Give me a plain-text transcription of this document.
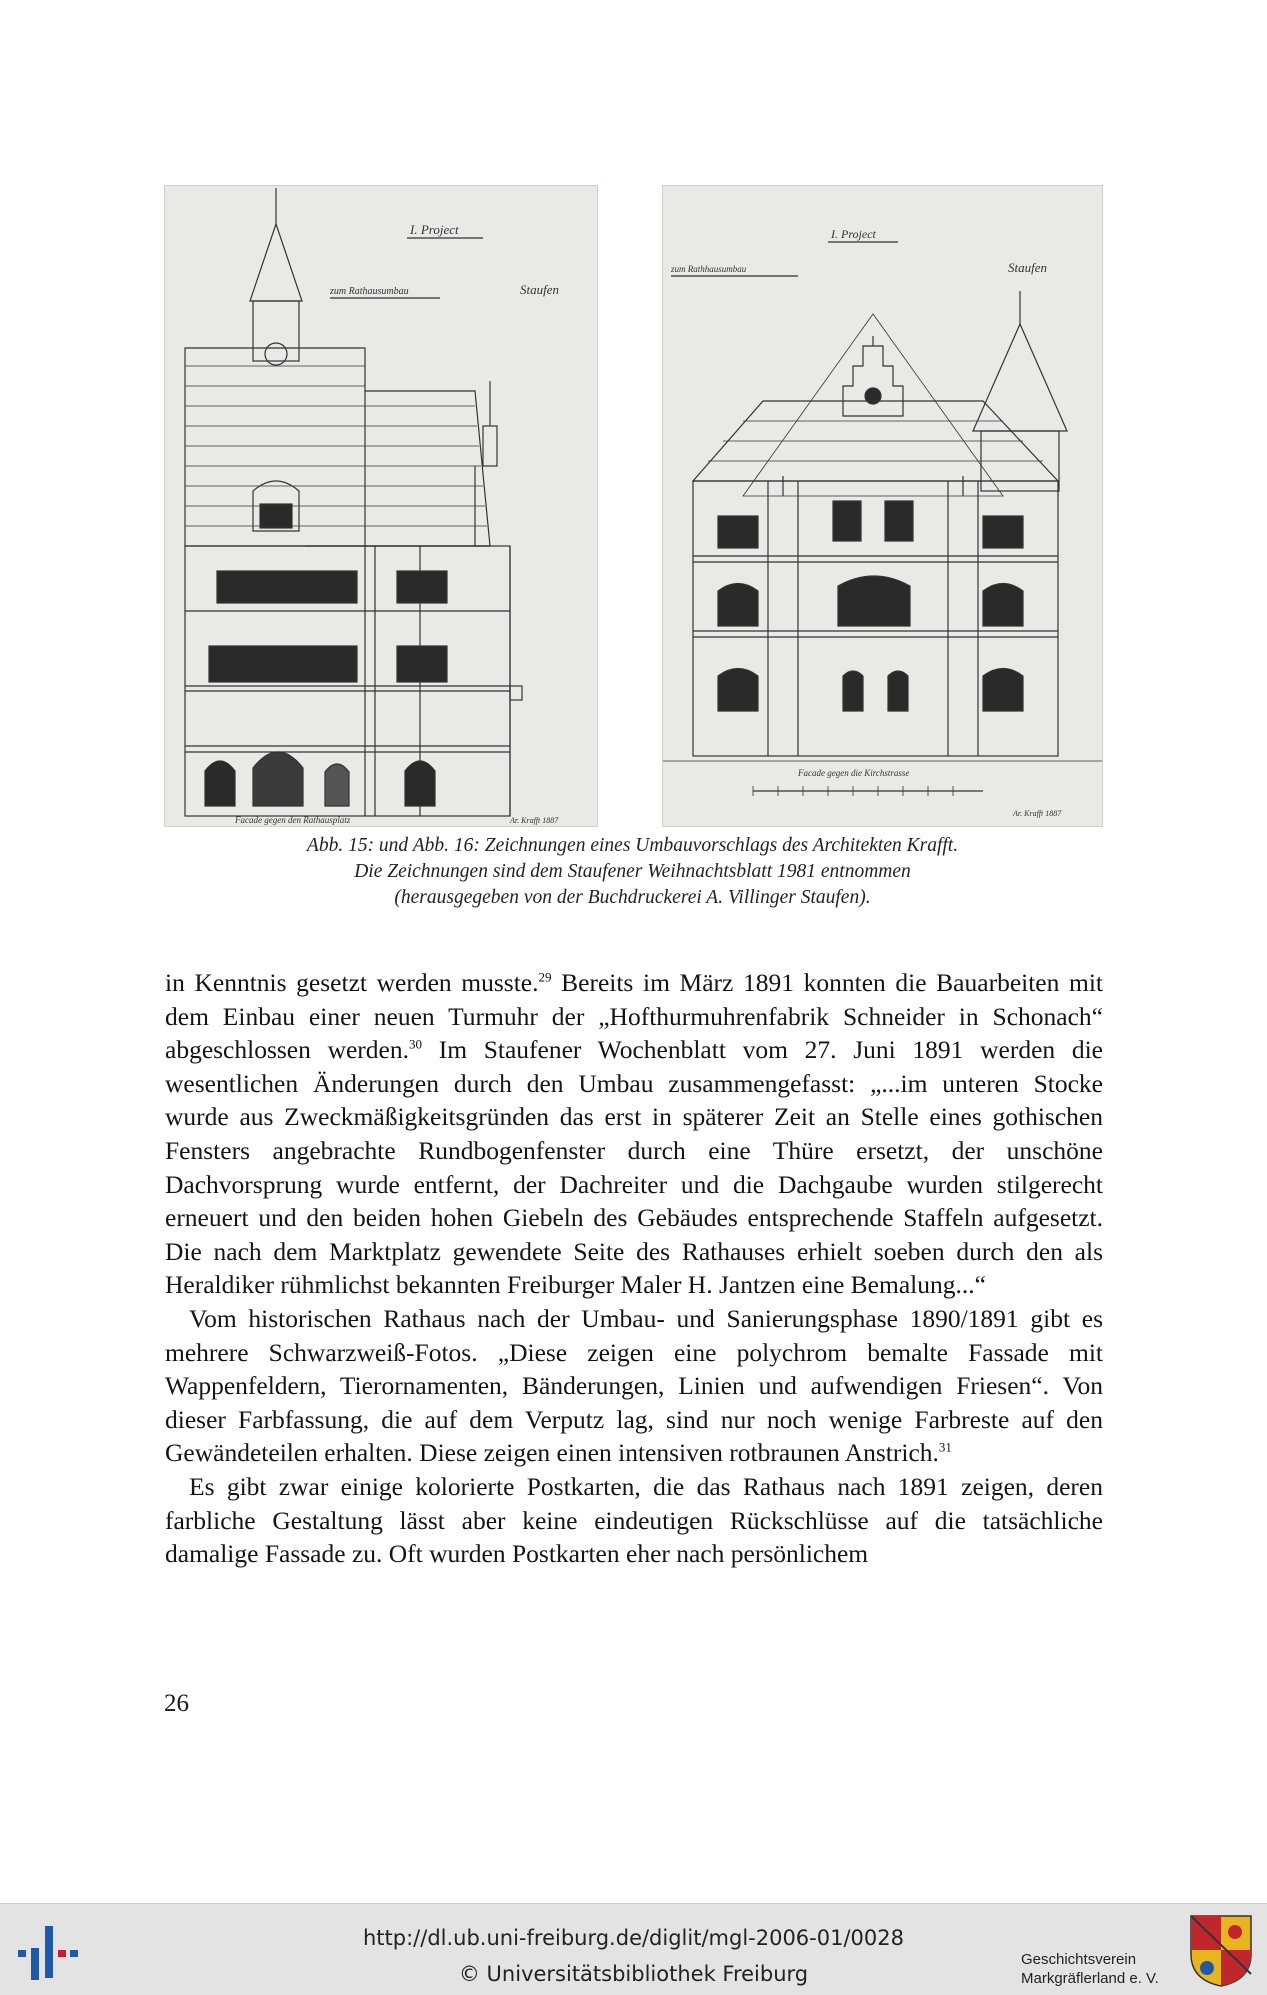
I. Project
zum Rathausumbau	Staufen
Facade gegen den Rathausplatz	Ar. Krafft 1887
I. Project
zum Rathhausumbau	Staufen
Facade gegen die Kirchstrasse
Ar. Krafft 1887
Abb. 15: und Abb. 16: Zeichnungen eines Umbauvorschlags des Architekten Krafft.
Die Zeichnungen sind dem Staufener Weihnachtsblatt 1981 entnommen
(herausgegeben von der Buchdruckerei A. Villinger Staufen).

in Kenntnis gesetzt werden musste.$^{29}$ Bereits im März 1891 konnten die Bauarbeiten mit dem Einbau einer neuen Turmuhr der „Hofthurmuhrenfabrik Schneider in Schonach“ abgeschlossen werden.$^{30}$ Im Staufener Wochenblatt vom 27. Juni 1891 werden die wesentlichen Änderungen durch den Umbau zusammengefasst: „...im unteren Stocke wurde aus Zweckmäßigkeitsgründen das erst in späterer Zeit an Stelle eines gothischen Fensters angebrachte Rundbogenfenster durch eine Thüre ersetzt, der unschöne Dachvorsprung wurde entfernt, der Dachreiter und die Dachgaube wurden stilgerecht erneuert und den beiden hohen Giebeln des Gebäudes entsprechende Staffeln aufgesetzt. Die nach dem Marktplatz gewendete Seite des Rathauses erhielt soeben durch den als Heraldiker rühmlichst bekannten Freiburger Maler H. Jantzen eine Bemalung...“

Vom historischen Rathaus nach der Umbau- und Sanierungsphase 1890/1891 gibt es mehrere Schwarzweiß-Fotos. „Diese zeigen eine polychrom bemalte Fassade mit Wappenfeldern, Tierornamenten, Bänderungen, Linien und aufwendigen Friesen“. Von dieser Farbfassung, die auf dem Verputz lag, sind nur noch wenige Farbreste auf den Gewändeteilen erhalten. Diese zeigen einen intensiven rotbraunen Anstrich.$^{31}$

Es gibt zwar einige kolorierte Postkarten, die das Rathaus nach 1891 zeigen, deren farbliche Gestaltung lässt aber keine eindeutigen Rückschlüsse auf die tatsächliche damalige Fassade zu. Oft wurden Postkarten eher nach persönlichem

26
http://dl.ub.uni-freiburg.de/diglit/mgl-2006-01/0028
© Universitätsbibliothek Freiburg
Geschichtsverein
Markgräflerland e. V.
